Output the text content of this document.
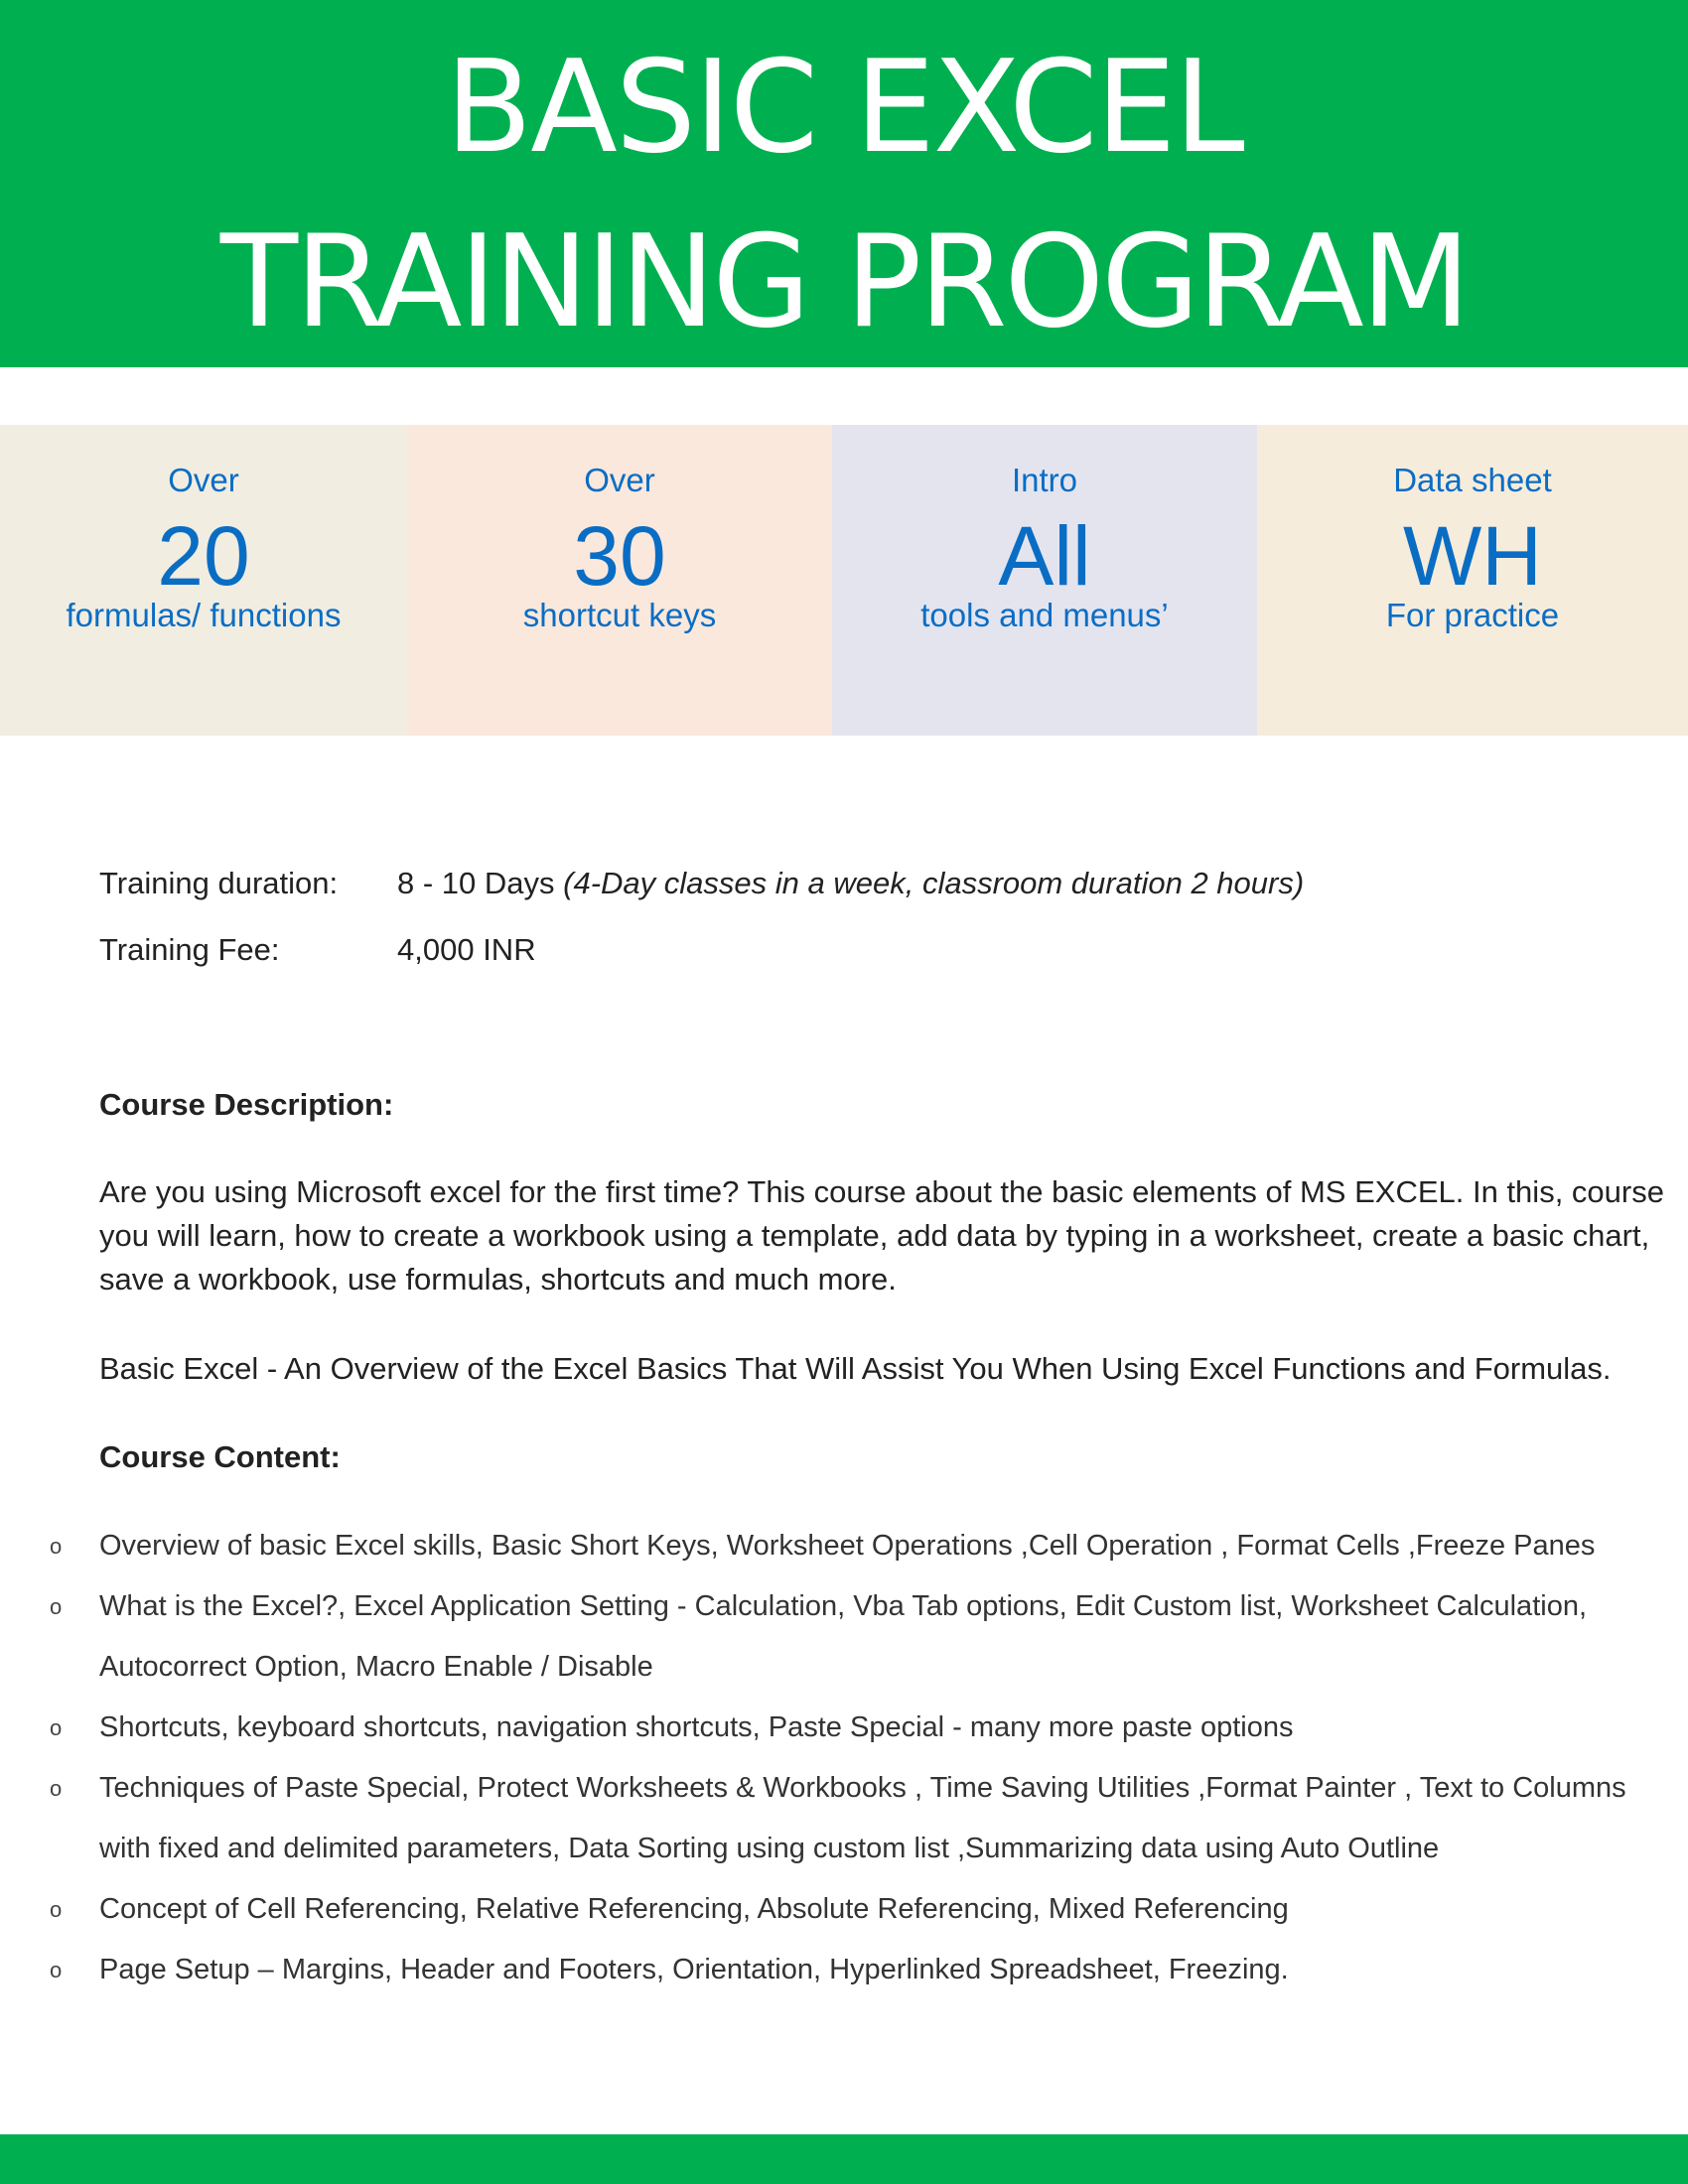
BASIC EXCEL
TRAINING PROGRAM
Over
20
formulas/ functions
Over
30
shortcut keys
Intro
All
tools and menus’
Data sheet
WH
For practice
Training duration: 8 - 10 Days (4-Day classes in a week, classroom duration 2 hours)
Training Fee:	4,000 INR
Course Description:
Are you using Microsoft excel for the first time? This course about the basic elements of MS EXCEL. In this, course you will learn, how to create a workbook using a template, add data by typing in a worksheet, create a basic chart, save a workbook, use formulas, shortcuts and much more.
Basic Excel - An Overview of the Excel Basics That Will Assist You When Using Excel Functions and Formulas.
Course Content:
o Overview of basic Excel skills, Basic Short Keys, Worksheet Operations ,Cell Operation , Format Cells ,Freeze Panes
o What is the Excel?, Excel Application Setting - Calculation, Vba Tab options, Edit Custom list, Worksheet Calculation, Autocorrect Option, Macro Enable / Disable
o Shortcuts, keyboard shortcuts, navigation shortcuts, Paste Special - many more paste options
o Techniques of Paste Special, Protect Worksheets & Workbooks , Time Saving Utilities ,Format Painter , Text to Columns with fixed and delimited parameters, Data Sorting using custom list ,Summarizing data using Auto Outline
o Concept of Cell Referencing, Relative Referencing, Absolute Referencing, Mixed Referencing
o Page Setup – Margins, Header and Footers, Orientation, Hyperlinked Spreadsheet, Freezing.
